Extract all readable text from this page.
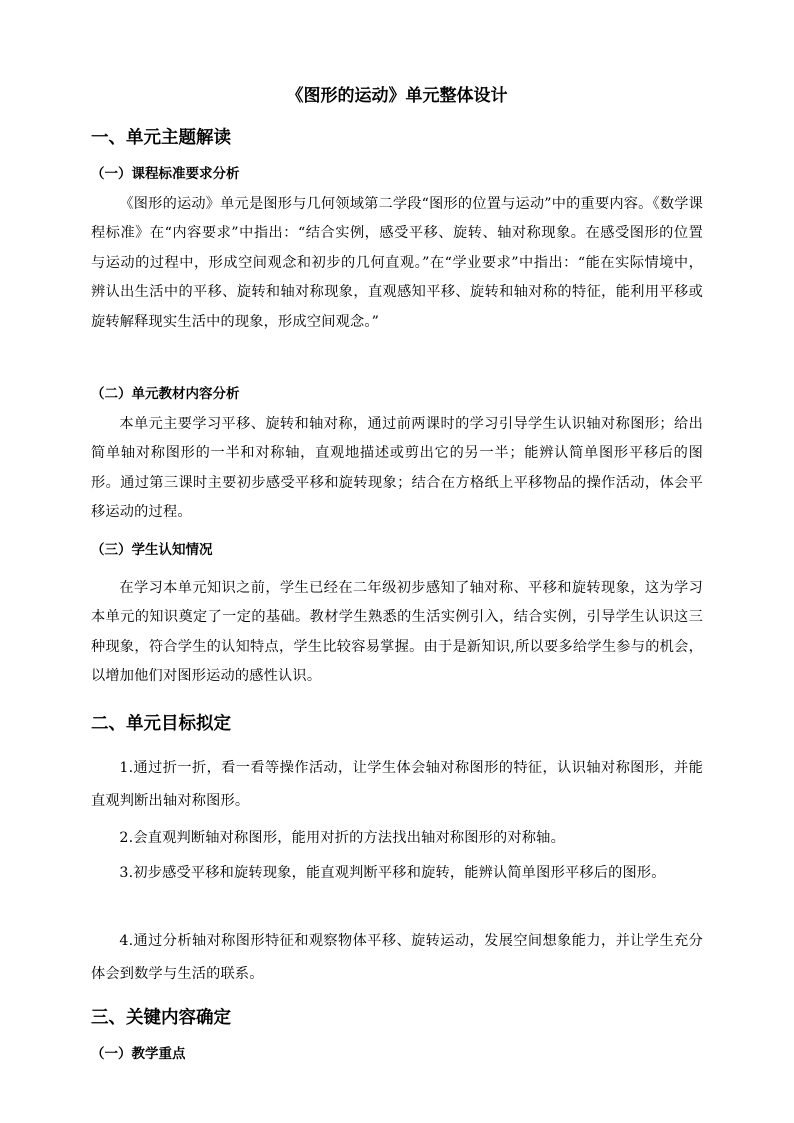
《图形的运动》单元整体设计
一、单元主题解读
（一）课程标准要求分析
《图形的运动》单元是图形与几何领域第二学段“图形的位置与运动”中的重要内容。《数学课程标准》在“内容要求”中指出：“结合实例，感受平移、旋转、轴对称现象。在感受图形的位置与运动的过程中，形成空间观念和初步的几何直观。”在“学业要求”中指出：“能在实际情境中，辨认出生活中的平移、旋转和轴对称现象，直观感知平移、旋转和轴对称的特征，能利用平移或旋转解释现实生活中的现象，形成空间观念。”
（二）单元教材内容分析
本单元主要学习平移、旋转和轴对称，通过前两课时的学习引导学生认识轴对称图形；给出简单轴对称图形的一半和对称轴，直观地描述或剪出它的另一半；能辨认简单图形平移后的图形。通过第三课时主要初步感受平移和旋转现象；结合在方格纸上平移物品的操作活动，体会平移运动的过程。
（三）学生认知情况
在学习本单元知识之前，学生已经在二年级初步感知了轴对称、平移和旋转现象，这为学习本单元的知识奠定了一定的基础。教材学生熟悉的生活实例引入，结合实例，引导学生认识这三种现象，符合学生的认知特点，学生比较容易掌握。由于是新知识,所以要多给学生参与的机会，以增加他们对图形运动的感性认识。
二、单元目标拟定
1.通过折一折，看一看等操作活动，让学生体会轴对称图形的特征，认识轴对称图形，并能直观判断出轴对称图形。
2.会直观判断轴对称图形，能用对折的方法找出轴对称图形的对称轴。
3.初步感受平移和旋转现象，能直观判断平移和旋转，能辨认简单图形平移后的图形。
4.通过分析轴对称图形特征和观察物体平移、旋转运动，发展空间想象能力，并让学生充分体会到数学与生活的联系。
三、关键内容确定
（一）教学重点
